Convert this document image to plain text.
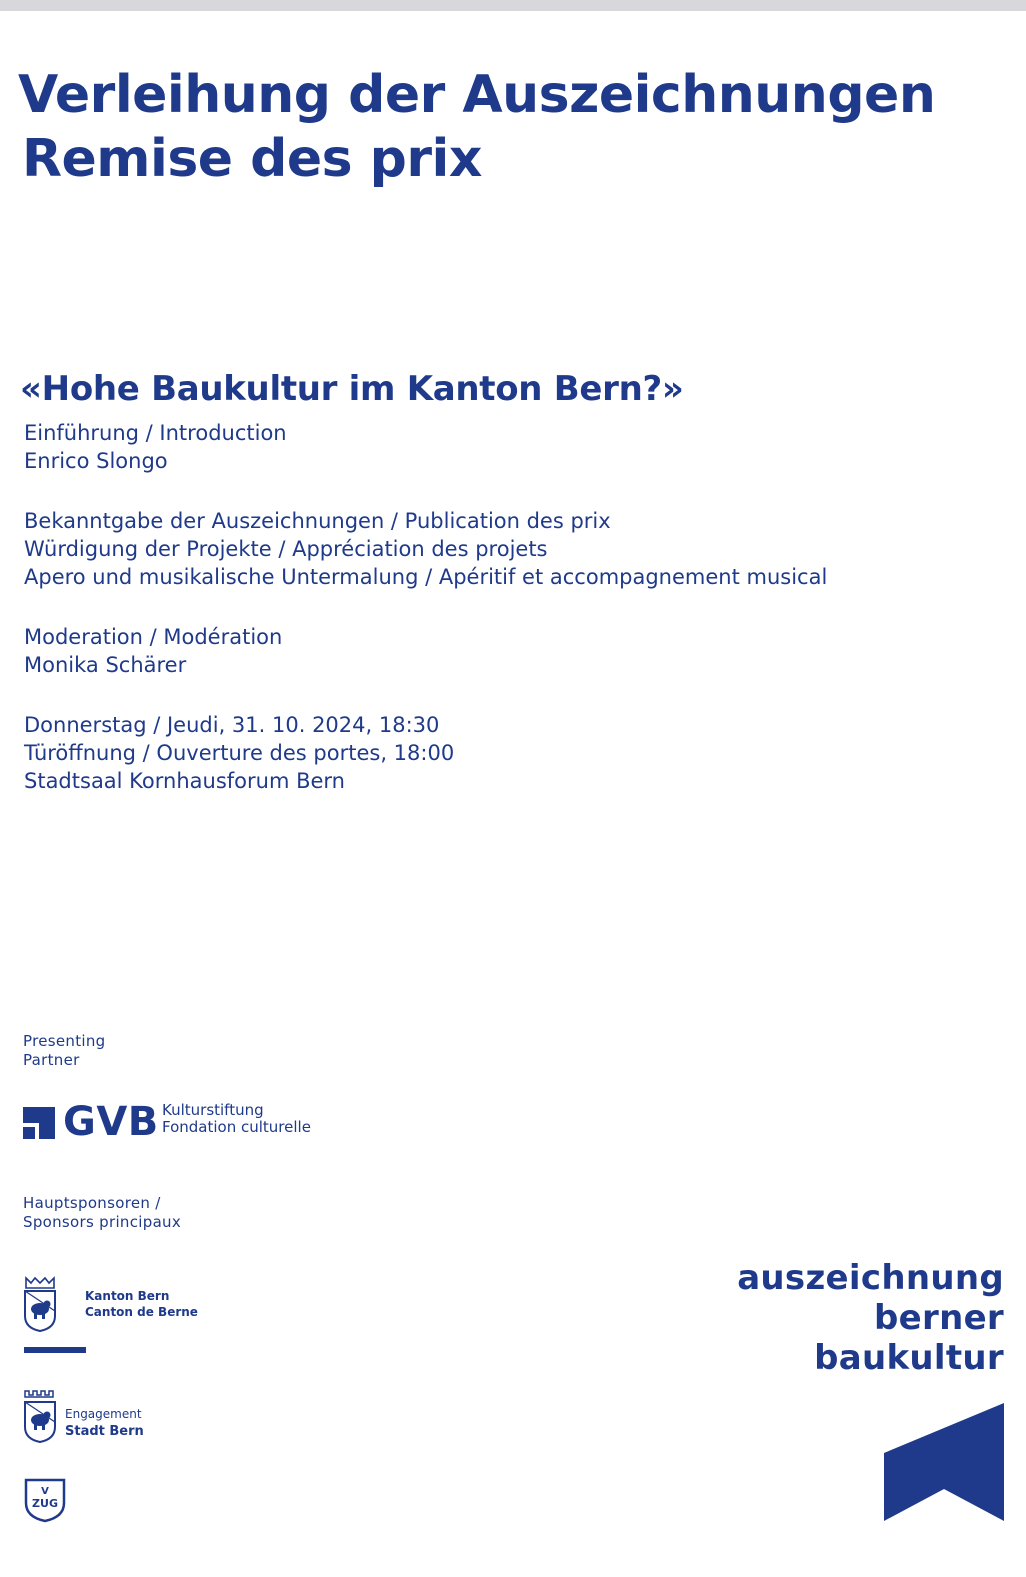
Verleihung der Auszeichnungen
Remise des prix
«Hohe Baukultur im Kanton Bern?»
Einführung / Introduction
Enrico Slongo
Bekanntgabe der Auszeichnungen / Publication des prix
Würdigung der Projekte / Appréciation des projets
Apero und musikalische Untermalung / Apéritif et accompagnement musical
Moderation / Modération
Monika Schärer
Donnerstag / Jeudi, 31. 10. 2024, 18:30
Türöffnung / Ouverture des portes, 18:00
Stadtsaal Kornhausforum Bern
Presenting
Partner
GVB Kulturstiftung
Fondation culturelle
Hauptsponsoren /
Sponsors principaux
Kanton Bern
Canton de Berne
Engagement
Stadt Bern
V
ZUG
auszeichnung
berner
baukultur
